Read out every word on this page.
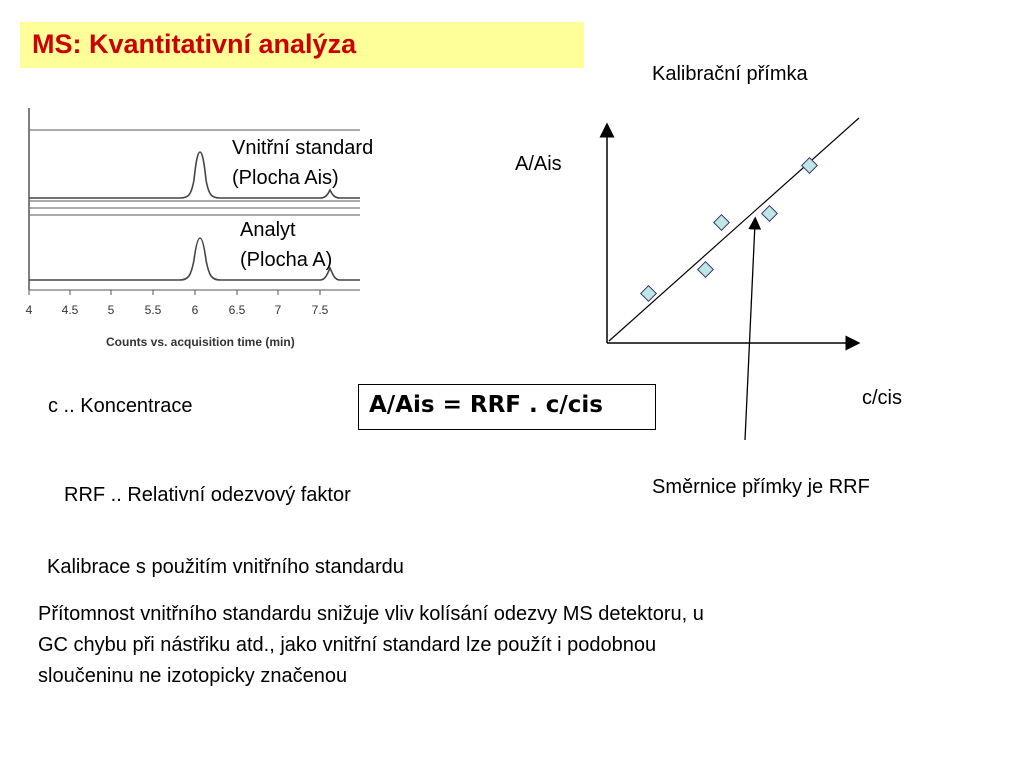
MS: Kvantitativní analýza
4 4.5 5	5.5	6	6.5 7	7.5
Counts vs. acquisition time (min)
Vnitřní standard
(Plocha Ais)
Analyt
(Plocha A)
Kalibrační přímka
A/Ais
c/cis
Směrnice přímky je RRF
A/Ais = RRF . c/cis
c .. Koncentrace
RRF .. Relativní odezvový faktor
Kalibrace s použitím vnitřního standardu
Přítomnost vnitřního standardu snižuje vliv kolísání odezvy MS detektoru, u
GC chybu při nástřiku atd., jako vnitřní standard lze použít i podobnou
sloučeninu ne izotopicky značenou
